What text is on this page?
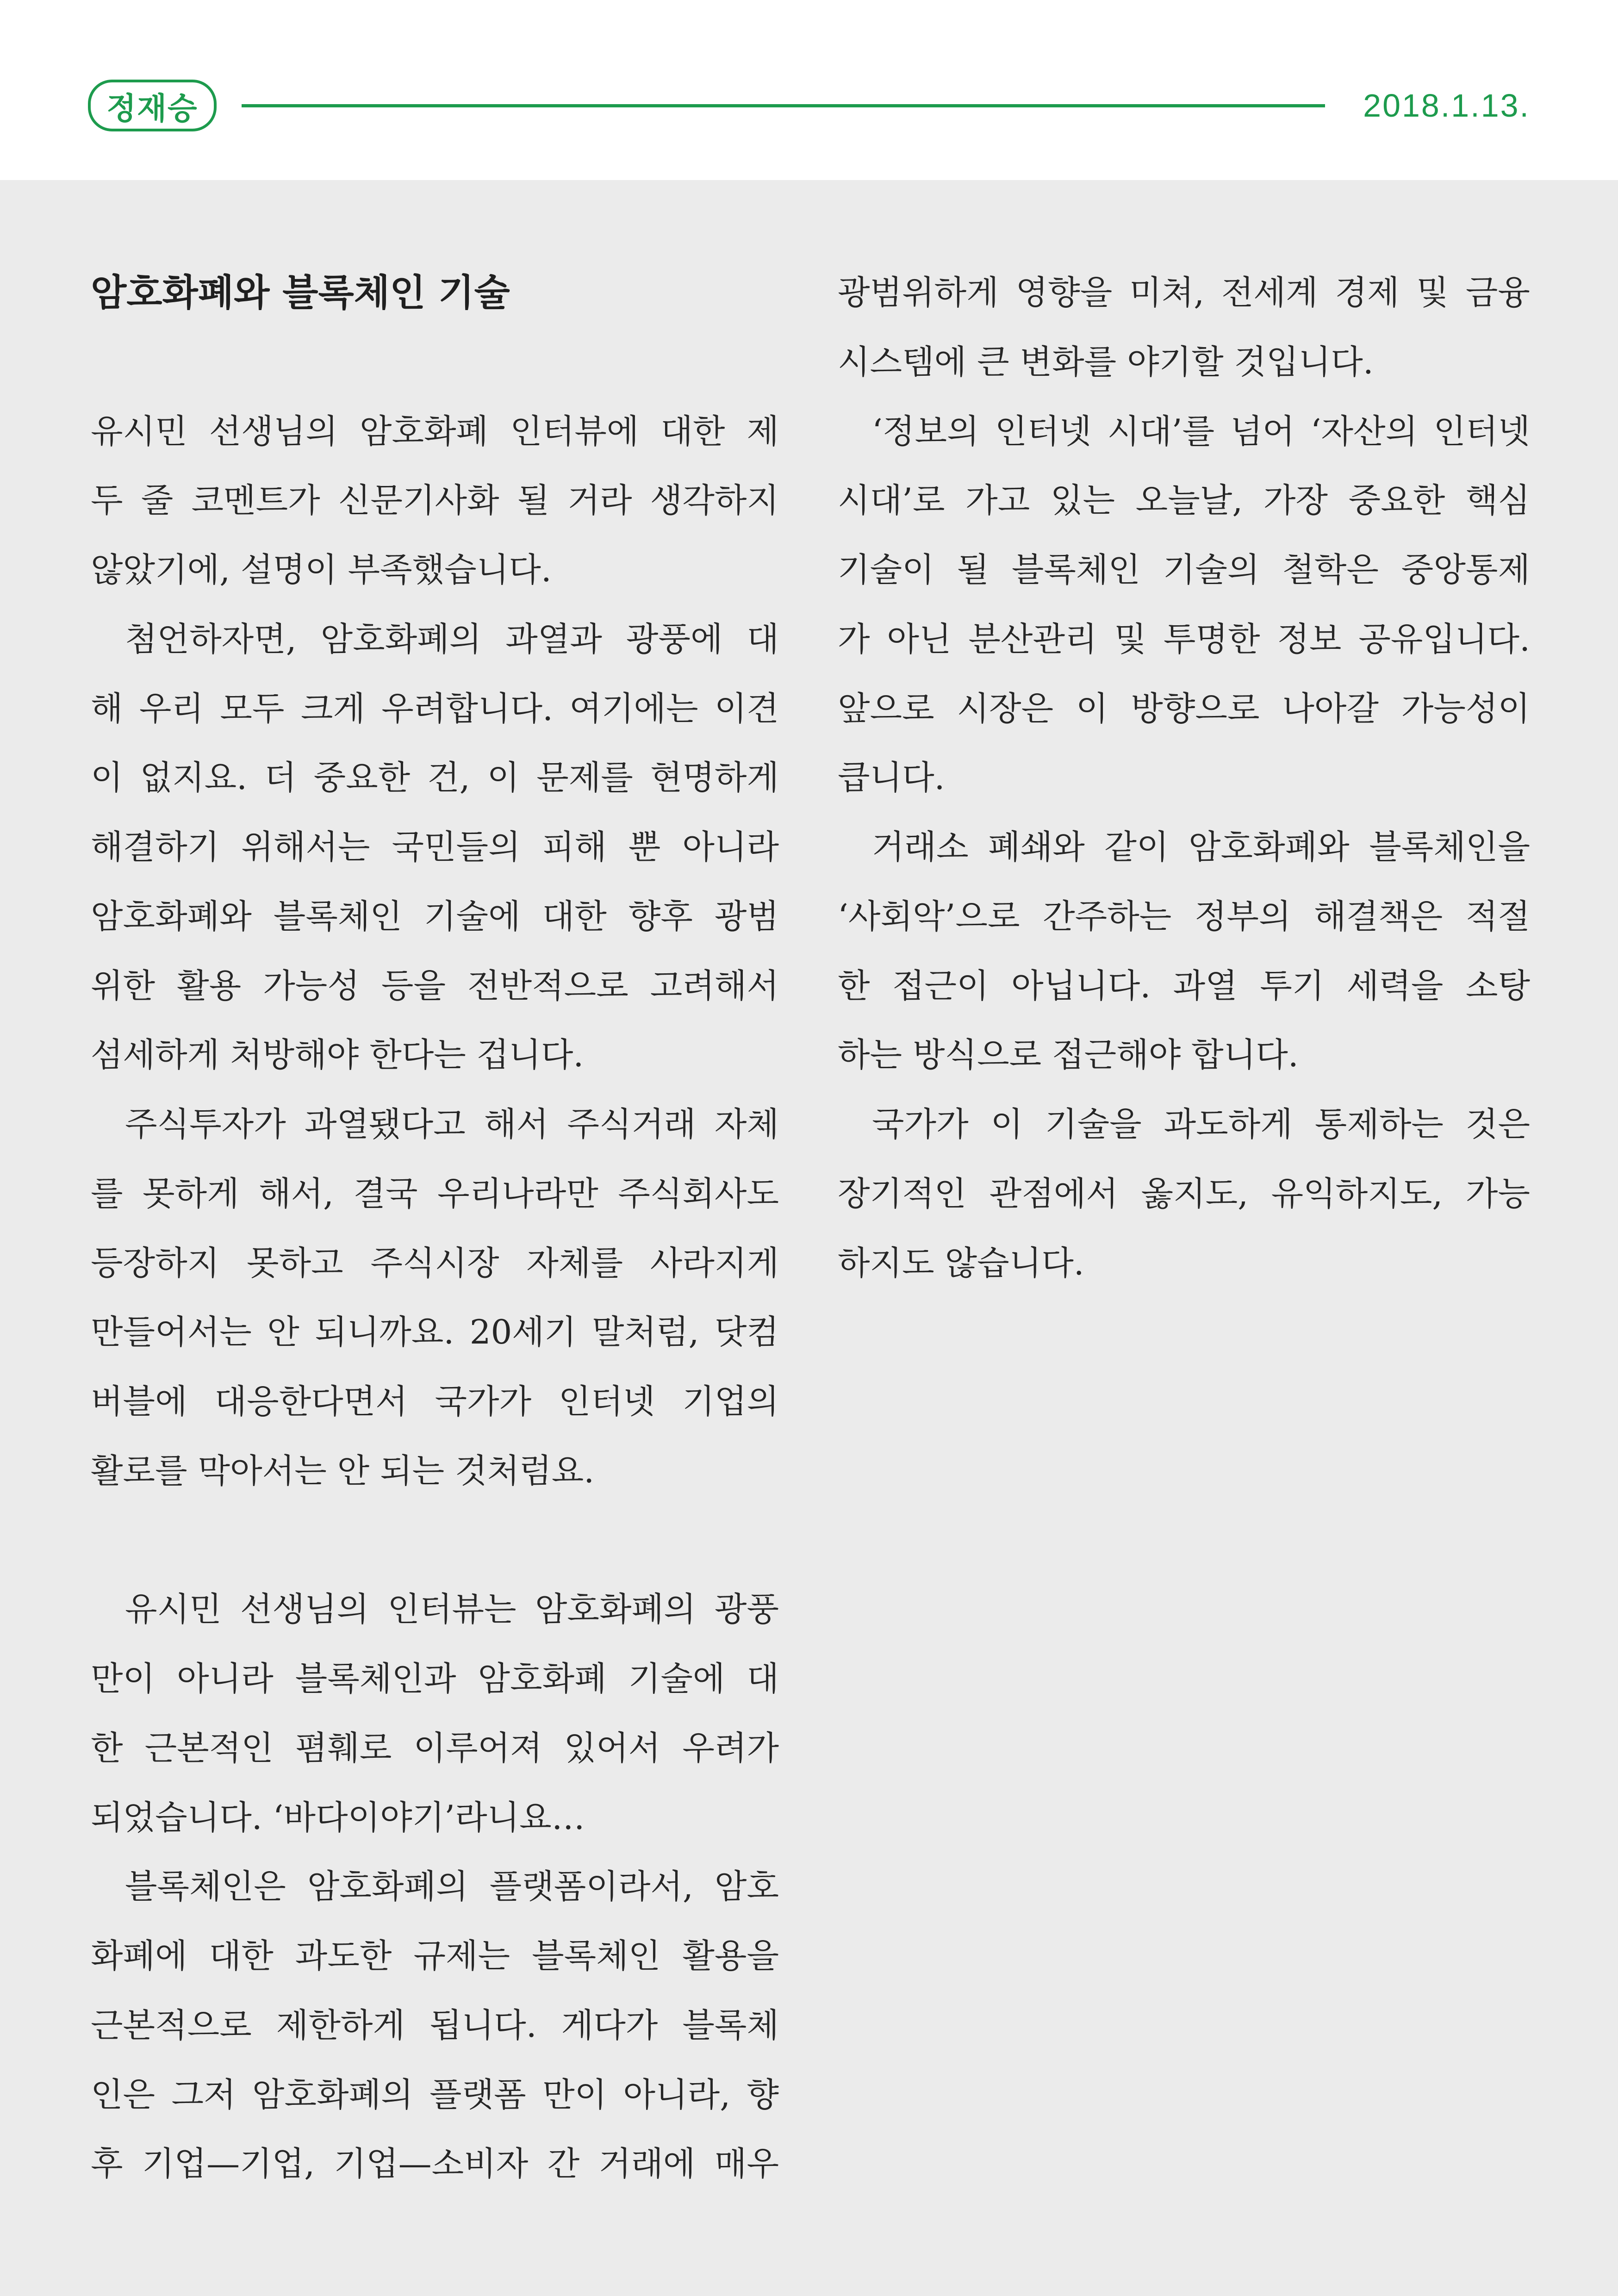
정재승	2018.1.13.
암호화폐와 블록체인 기술
유시민 선생님의 암호화폐 인터뷰에 대한 제
두 줄 코멘트가 신문기사화 될 거라 생각하지
않았기에, 설명이 부족했습니다.
첨언하자면, 암호화폐의 과열과 광풍에 대
해 우리 모두 크게 우려합니다. 여기에는 이견
이 없지요. 더 중요한 건, 이 문제를 현명하게
해결하기 위해서는 국민들의 피해 뿐 아니라
암호화폐와 블록체인 기술에 대한 향후 광범
위한 활용 가능성 등을 전반적으로 고려해서
섬세하게 처방해야 한다는 겁니다.
주식투자가 과열됐다고 해서 주식거래 자체
를 못하게 해서, 결국 우리나라만 주식회사도
등장하지 못하고 주식시장 자체를 사라지게
만들어서는 안 되니까요. 20세기 말처럼, 닷컴
버블에 대응한다면서 국가가 인터넷 기업의
활로를 막아서는 안 되는 것처럼요.
유시민 선생님의 인터뷰는 암호화폐의 광풍
만이 아니라 블록체인과 암호화폐 기술에 대
한 근본적인 폄훼로 이루어져 있어서 우려가
되었습니다. ‘바다이야기’라니요…
블록체인은 암호화폐의 플랫폼이라서, 암호
화폐에 대한 과도한 규제는 블록체인 활용을
근본적으로 제한하게 됩니다. 게다가 블록체
인은 그저 암호화폐의 플랫폼 만이 아니라, 향
후 기업—기업, 기업—소비자 간 거래에 매우
광범위하게 영향을 미쳐, 전세계 경제 및 금융
시스템에 큰 변화를 야기할 것입니다.
‘정보의 인터넷 시대’를 넘어 ‘자산의 인터넷
시대’로 가고 있는 오늘날, 가장 중요한 핵심
기술이 될 블록체인 기술의 철학은 중앙통제
가 아닌 분산관리 및 투명한 정보 공유입니다.
앞으로 시장은 이 방향으로 나아갈 가능성이
큽니다.
거래소 폐쇄와 같이 암호화폐와 블록체인을
‘사회악’으로 간주하는 정부의 해결책은 적절
한 접근이 아닙니다. 과열 투기 세력을 소탕
하는 방식으로 접근해야 합니다.
국가가 이 기술을 과도하게 통제하는 것은
장기적인 관점에서 옳지도, 유익하지도, 가능
하지도 않습니다.
